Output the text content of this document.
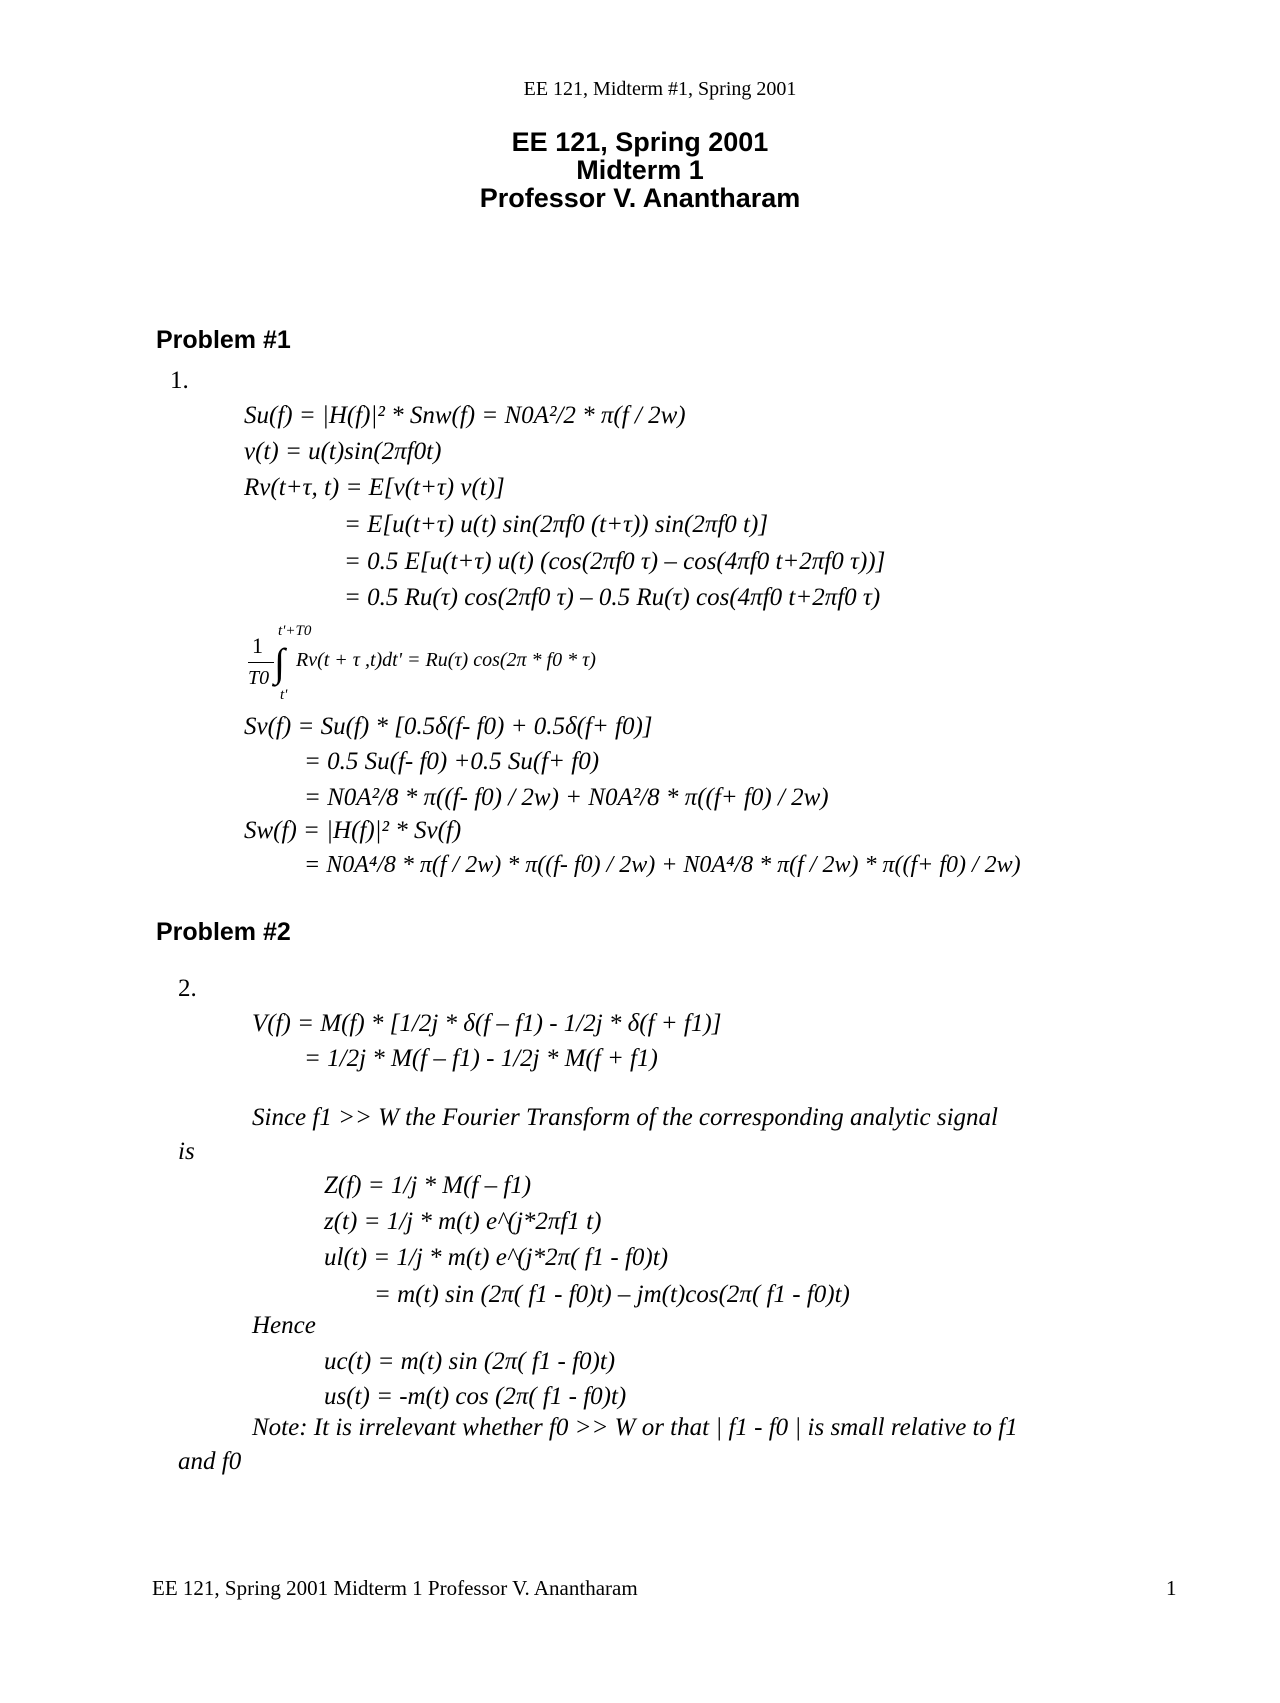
EE 121, Midterm #1, Spring 2001
EE 121, Spring 2001
Midterm 1
Professor V. Anantharam
Problem #1
1.
Su(f) = |H(f)|² * Snw(f) = N0A²/2 * π(f / 2w)
v(t) = u(t)sin(2πf0t)
Rv(t+τ, t) = E[v(t+τ) v(t)]
= E[u(t+τ) u(t) sin(2πf0 (t+τ)) sin(2πf0 t)]
= 0.5 E[u(t+τ) u(t) (cos(2πf0 τ) – cos(4πf0 t+2πf0 τ))]
= 0.5 Ru(τ) cos(2πf0 τ) – 0.5 Ru(τ) cos(4πf0 t+2πf0 τ)
1
T0
t'+T0
∫ Rv(t + τ ,t)dt' = Ru(τ) cos(2π * f0 * τ)
t'
Sv(f) = Su(f) * [0.5δ(f- f0) + 0.5δ(f+ f0)]
= 0.5 Su(f- f0) +0.5 Su(f+ f0)
= N0A²/8 * π((f- f0) / 2w) + N0A²/8 * π((f+ f0) / 2w)
Sw(f) = |H(f)|² * Sv(f)
= N0A⁴/8 * π(f / 2w) * π((f- f0) / 2w) + N0A⁴/8 * π(f / 2w) * π((f+ f0) / 2w)
Problem #2
2.
V(f) = M(f) * [1/2j * δ(f – f1) - 1/2j * δ(f + f1)]
= 1/2j * M(f – f1) - 1/2j * M(f + f1)
Since f1 >> W the Fourier Transform of the corresponding analytic signal
is
Z(f) = 1/j * M(f – f1)
z(t) = 1/j * m(t) e^(j*2πf1 t)
ul(t) = 1/j * m(t) e^(j*2π( f1 - f0)t)
= m(t) sin (2π( f1 - f0)t) – jm(t)cos(2π( f1 - f0)t)
Hence
uc(t) = m(t) sin (2π( f1 - f0)t)
us(t) = -m(t) cos (2π( f1 - f0)t)
Note: It is irrelevant whether f0 >> W or that | f1 - f0 | is small relative to f1
and f0
EE 121, Spring 2001 Midterm 1 Professor V. Anantharam	1
